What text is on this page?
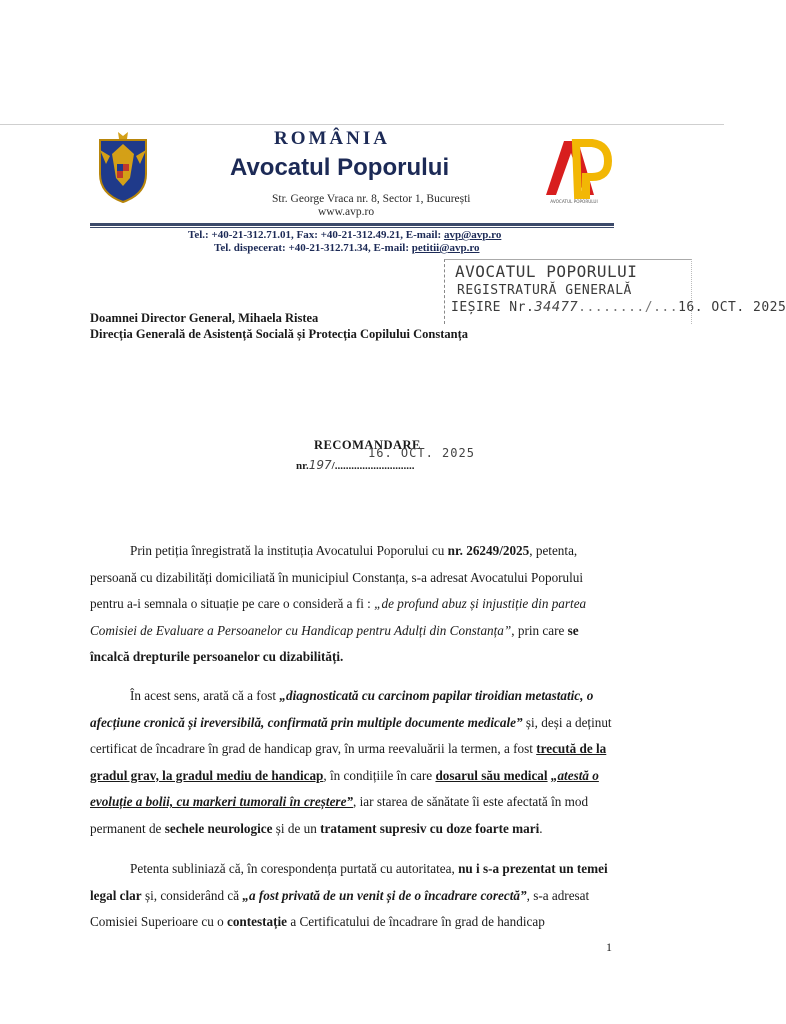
AVOCATUL POPORULUI
ROMÂNIA
Avocatul Poporului
Str. George Vraca nr. 8, Sector 1, București
www.avp.ro
Tel.: +40-21-312.71.01, Fax: +40-21-312.49.21, E-mail: avp@avp.ro
Tel. dispecerat: +40-21-312.71.34, E-mail: petitii@avp.ro
AVOCATUL POPORULUI
REGISTRATURĂ GENERALĂ
IEȘIRE Nr.34477......../...16. OCT. 2025
Doamnei Director General, Mihaela Ristea
Direcția Generală de Asistență Socială și Protecția Copilului Constanța
RECOMANDARE
16. OCT. 2025
nr.197/.............................

Prin petiția înregistrată la instituția Avocatului Poporului cu nr. 26249/2025, petenta, persoană cu dizabilități domiciliată în municipiul Constanța, s-a adresat Avocatului Poporului pentru a-i semnala o situație pe care o consideră a fi : „de profund abuz și injustiție din partea Comisiei de Evaluare a Persoanelor cu Handicap pentru Adulți din Constanța”, prin care se încalcă drepturile persoanelor cu dizabilități.

În acest sens, arată că a fost „diagnosticată cu carcinom papilar tiroidian metastatic, o afecțiune cronică și ireversibilă, confirmată prin multiple documente medicale” și, deși a deținut certificat de încadrare în grad de handicap grav, în urma reevaluării la termen, a fost trecută de la gradul grav, la gradul mediu de handicap, în condițiile în care dosarul său medical „atestă o evoluție a bolii, cu markeri tumorali în creștere”, iar starea de sănătate îi este afectată în mod permanent de sechele neurologice și de un tratament supresiv cu doze foarte mari.

Petenta subliniază că, în corespondența purtată cu autoritatea, nu i s-a prezentat un temei legal clar și, considerând că „a fost privată de un venit și de o încadrare corectă”, s-a adresat Comisiei Superioare cu o contestație a Certificatului de încadrare în grad de handicap

1
